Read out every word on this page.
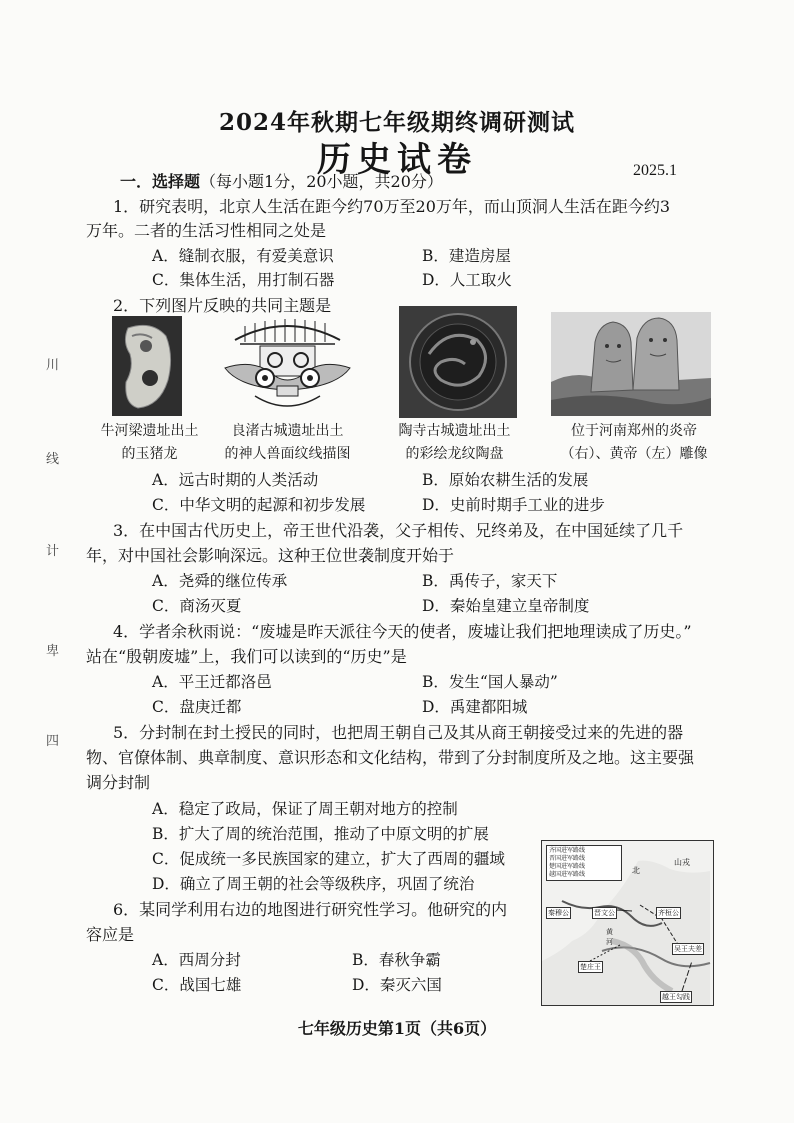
2024年秋期七年级期终调研测试
历史试卷	2025.1
川
线
计
卑
四
一．选择题（每小题1分，20小题，共20分）
1．研究表明，北京人生活在距今约70万至20万年，而山顶洞人生活在距今约3
万年。二者的生活习性相同之处是
A．缝制衣服，有爱美意识	B．建造房屋
C．集体生活，用打制石器	D．人工取火
2．下列图片反映的共同主题是
牛河梁遗址出土
的玉猪龙
良渚古城遗址出土
的神人兽面纹线描图
陶寺古城遗址出土
的彩绘龙纹陶盘
位于河南郑州的炎帝
（右）、黄帝（左）雕像
A．远古时期的人类活动	B．原始农耕生活的发展
C．中华文明的起源和初步发展	D．史前时期手工业的进步
3．在中国古代历史上，帝王世代沿袭，父子相传、兄终弟及，在中国延续了几千
年，对中国社会影响深远。这种王位世袭制度开始于
A．尧舜的继位传承	B．禹传子，家天下
C．商汤灭夏	D．秦始皇建立皇帝制度
4．学者余秋雨说：“废墟是昨天派往今天的使者，废墟让我们把地理读成了历史。”
站在“殷朝废墟”上，我们可以读到的“历史”是
A．平王迁都洛邑	B．发生“国人暴动”
C．盘庚迁都	D．禹建都阳城
5．分封制在封土授民的同时，也把周王朝自己及其从商王朝接受过来的先进的器
物、官僚体制、典章制度、意识形态和文化结构，带到了分封制度所及之地。这主要强
调分封制
A．稳定了政局，保证了周王朝对地方的控制
B．扩大了周的统治范围，推动了中原文明的扩展
C．促成统一多民族国家的建立，扩大了西周的疆域
D．确立了周王朝的社会等级秩序，巩固了统治
6．某同学利用右边的地图进行研究性学习。他研究的内
容应是
A．西周分封	B．春秋争霸
C．战国七雄	D．秦灭六国
齐国进军路线
晋国进军路线
楚国进军路线
越国进军路线
山戎
齐桓公
晋文公
秦穆公
楚庄王
吴王夫差
越王勾践
北
黄
河
七年级历史第1页（共6页）
